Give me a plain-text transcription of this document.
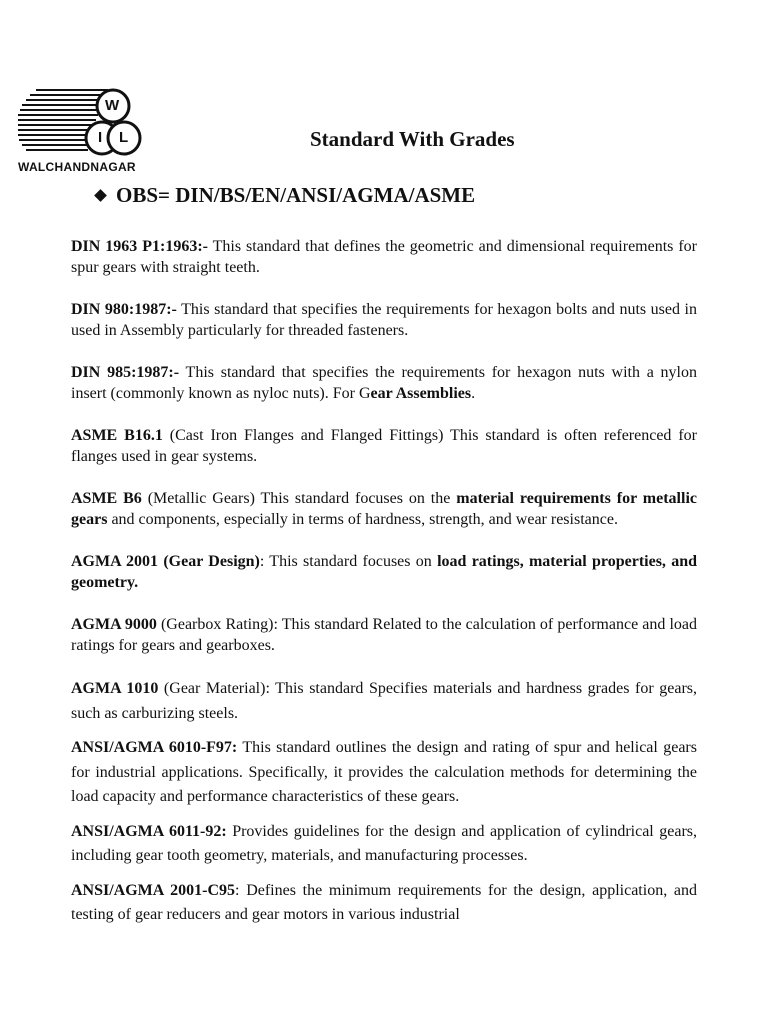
W
I L
WALCHANDNAGAR
Standard With Grades
OBS= DIN/BS/EN/ANSI/AGMA/ASME

DIN 1963 P1:1963:- This standard that defines the geometric and dimensional requirements for spur gears with straight teeth.

DIN 980:1987:- This standard that specifies the requirements for hexagon bolts and nuts used in used in Assembly particularly for threaded fasteners.

DIN 985:1987:- This standard that specifies the requirements for hexagon nuts with a nylon insert (commonly known as nyloc nuts). For Gear Assemblies.

ASME B16.1 (Cast Iron Flanges and Flanged Fittings) This standard is often referenced for flanges used in gear systems.

ASME B6 (Metallic Gears) This standard focuses on the material requirements for metallic gears and components, especially in terms of hardness, strength, and wear resistance.

AGMA 2001 (Gear Design): This standard focuses on load ratings, material properties, and geometry.

AGMA 9000 (Gearbox Rating): This standard Related to the calculation of performance and load ratings for gears and gearboxes.

AGMA 1010 (Gear Material): This standard Specifies materials and hardness grades for gears, such as carburizing steels.

ANSI/AGMA 6010-F97: This standard outlines the design and rating of spur and helical gears for industrial applications. Specifically, it provides the calculation methods for determining the load capacity and performance characteristics of these gears.

ANSI/AGMA 6011-92: Provides guidelines for the design and application of cylindrical gears, including gear tooth geometry, materials, and manufacturing processes.

ANSI/AGMA 2001-C95: Defines the minimum requirements for the design, application, and testing of gear reducers and gear motors in various industrial
